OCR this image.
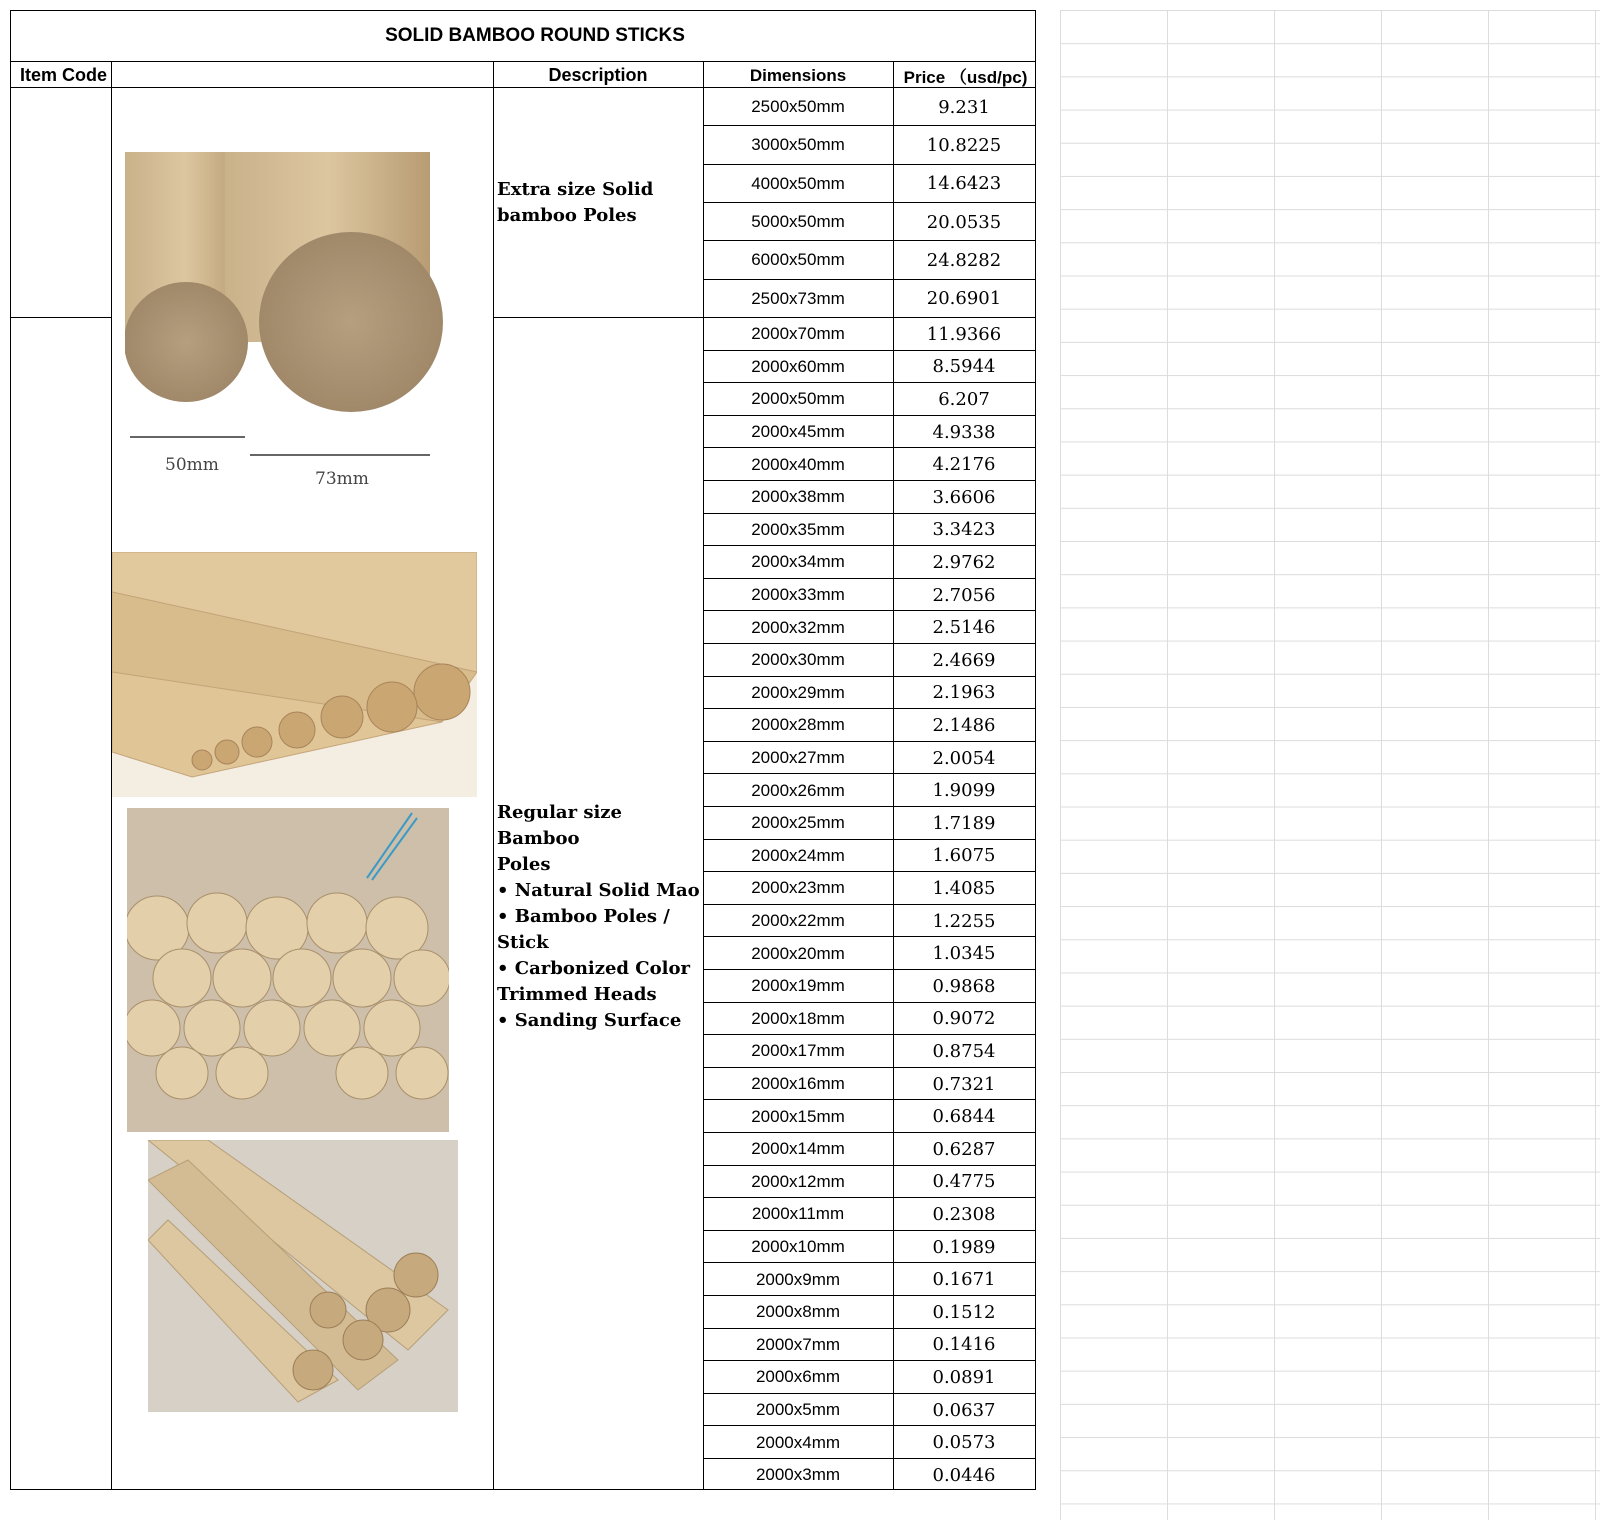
SOLID BAMBOO ROUND STICKS
Item Code	Description	Dimensions	Price （usd/pc)
Extra size Solid
bamboo Poles
Regular size Bamboo
Poles
• Natural Solid Mao
• Bamboo Poles /
Stick
• Carbonized Color
Trimmed Heads
• Sanding Surface
50mm
73mm
2500x50mm	9.231
3000x50mm	10.8225
4000x50mm	14.6423
5000x50mm	20.0535
6000x50mm	24.8282
2500x73mm	20.6901
2000x70mm	11.9366
2000x60mm	8.5944
2000x50mm	6.207
2000x45mm	4.9338
2000x40mm	4.2176
2000x38mm	3.6606
2000x35mm	3.3423
2000x34mm	2.9762
2000x33mm	2.7056
2000x32mm	2.5146
2000x30mm	2.4669
2000x29mm	2.1963
2000x28mm	2.1486
2000x27mm	2.0054
2000x26mm	1.9099
2000x25mm	1.7189
2000x24mm	1.6075
2000x23mm	1.4085
2000x22mm	1.2255
2000x20mm	1.0345
2000x19mm	0.9868
2000x18mm	0.9072
2000x17mm	0.8754
2000x16mm	0.7321
2000x15mm	0.6844
2000x14mm	0.6287
2000x12mm	0.4775
2000x11mm	0.2308
2000x10mm	0.1989
2000x9mm	0.1671
2000x8mm	0.1512
2000x7mm	0.1416
2000x6mm	0.0891
2000x5mm	0.0637
2000x4mm	0.0573
2000x3mm	0.0446
